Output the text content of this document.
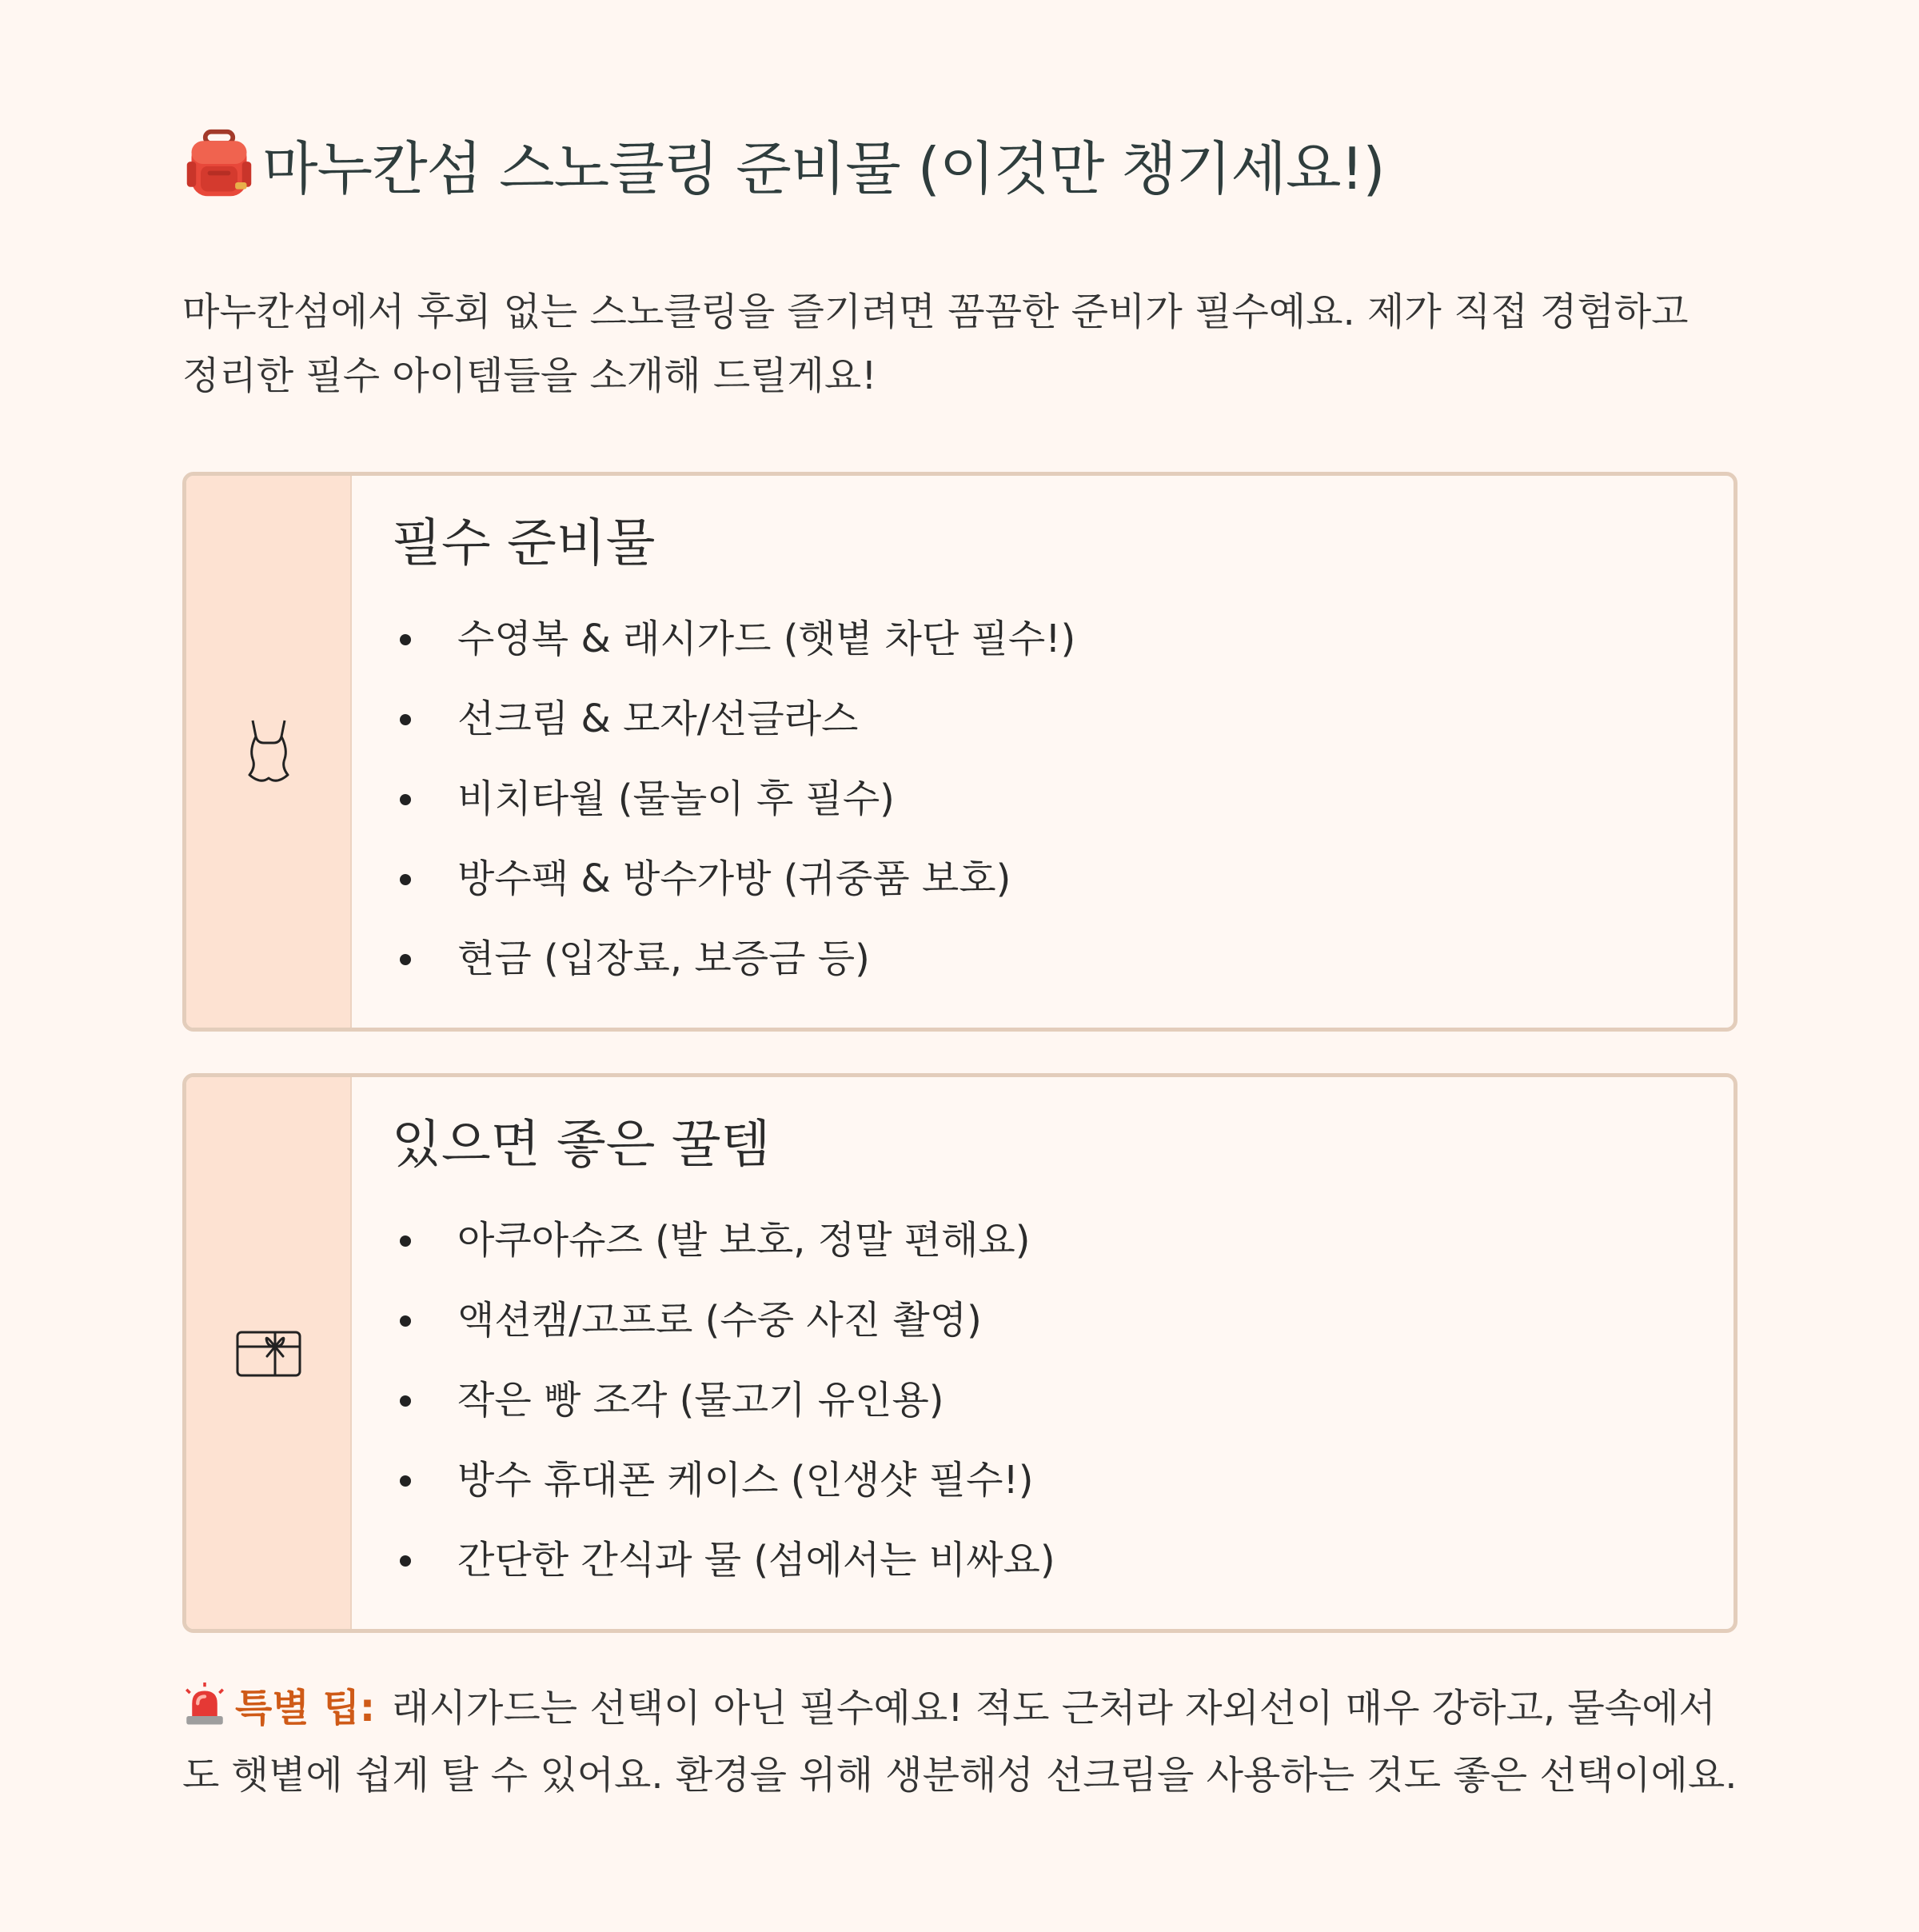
마누칸섬 스노클링 준비물 (이것만 챙기세요!)

마누칸섬에서 후회 없는 스노클링을 즐기려면 꼼꼼한 준비가 필수예요. 제가 직접 경험하고 정리한 필수 아이템들을 소개해 드릴게요!

필수 준비물
수영복 & 래시가드 (햇볕 차단 필수!)
선크림 & 모자/선글라스
비치타월 (물놀이 후 필수)
방수팩 & 방수가방 (귀중품 보호)
현금 (입장료, 보증금 등)
있으면 좋은 꿀템
아쿠아슈즈 (발 보호, 정말 편해요)
액션캠/고프로 (수중 사진 촬영)
작은 빵 조각 (물고기 유인용)
방수 휴대폰 케이스 (인생샷 필수!)
간단한 간식과 물 (섬에서는 비싸요)

특별 팁: 래시가드는 선택이 아닌 필수예요! 적도 근처라 자외선이 매우 강하고, 물속에서도 햇볕에 쉽게 탈 수 있어요. 환경을 위해 생분해성 선크림을 사용하는 것도 좋은 선택이에요.
